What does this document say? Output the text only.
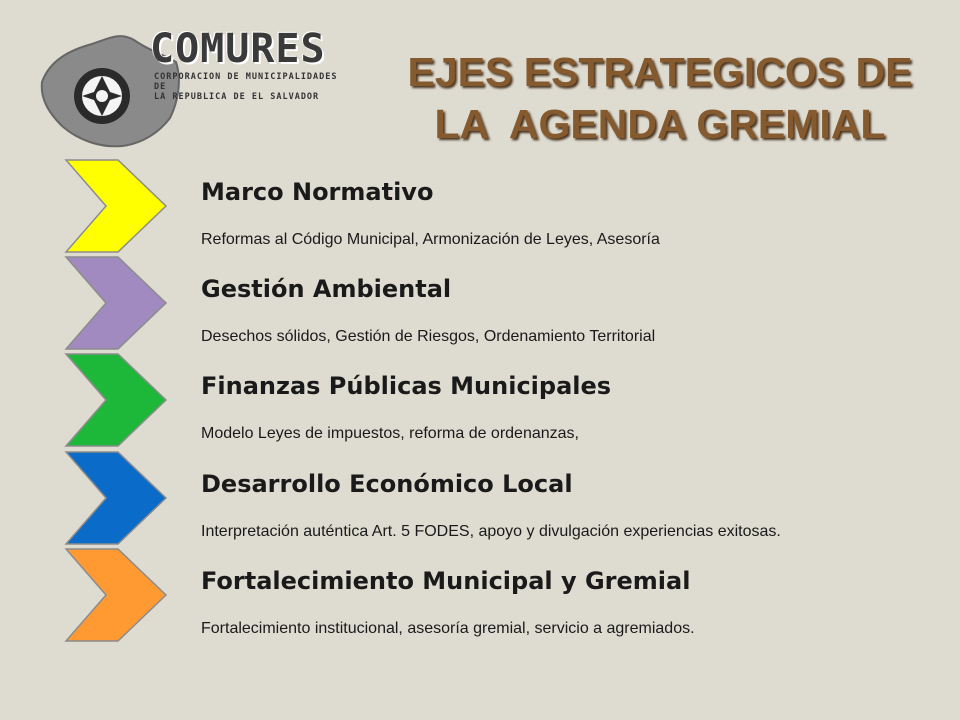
COMURES
CORPORACION DE MUNICIPALIDADES DE
LA REPUBLICA DE EL SALVADOR
EJES ESTRATEGICOS DE
LA  AGENDA GREMIAL
Marco Normativo
Reformas al Código Municipal, Armonización de Leyes, Asesoría
Gestión Ambiental
Desechos sólidos, Gestión de Riesgos, Ordenamiento Territorial
Finanzas Públicas Municipales
Modelo Leyes de impuestos, reforma de ordenanzas,
Desarrollo Económico Local
Interpretación auténtica Art. 5 FODES, apoyo y divulgación experiencias exitosas.
Fortalecimiento Municipal y Gremial
Fortalecimiento institucional, asesoría gremial, servicio a agremiados.
